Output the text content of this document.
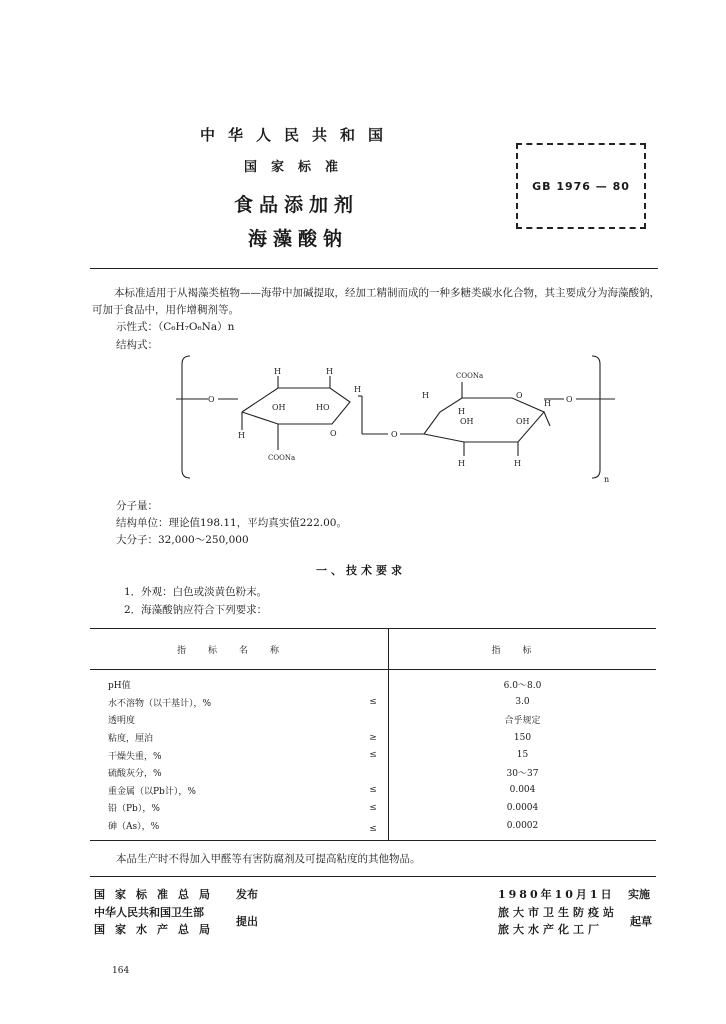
中华人民共和国
国家标准
食品添加剂
海藻酸钠
GB 1976 — 80
本标准适用于从褐藻类植物——海带中加碱提取，经加工精制而成的一种多糖类碳水化合物，其主要成分为海藻酸钠，可加于食品中，用作增稠剂等。
示性式：（C₆H₇O₆Na）n
结构式：
H	H
O
OH	HO
H
H
COONa
O
COONa
H	O
H
OH	OH
H
H	H
O
O
n
分子量：
结构单位：理论值198.11，平均真实值222.00。
大分子：32,000～250,000
一、技术要求
1．外观：白色或淡黄色粉末。
2．海藻酸钠应符合下列要求：
指标名称		指标
pH值		6.0～8.0
水不溶物（以干基计），%	≤	3.0
透明度		合乎规定
粘度，厘泊	≥	150
干燥失重，%	≤	15
硫酸灰分，%		30～37
重金属（以Pb计），%	≤	0.004
铅（Pb），%	≤	0.0004
砷（As），%	≤	0.0002
本品生产时不得加入甲醛等有害防腐剂及可提高粘度的其他物品。
国家标准总局 发布
中华人民共和国卫生部
国家水产总局
提出
1980年10月1日 实施
旅大市卫生防疫站
旅大水产化工厂
起草
164
